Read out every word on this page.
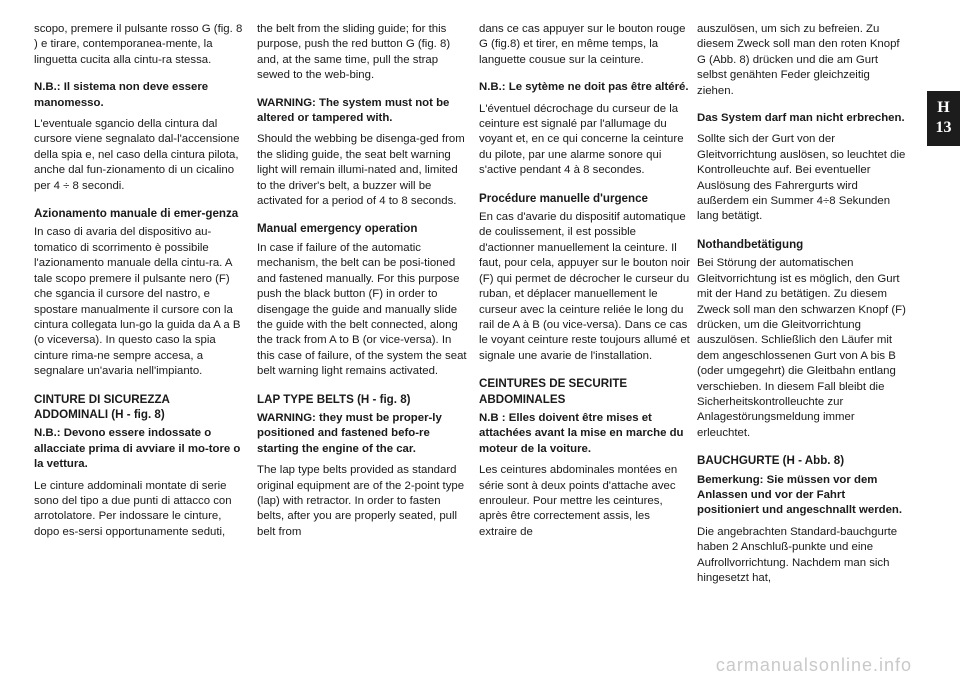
scopo, premere il pulsante rosso G (fig. 8 ) e tirare, contemporanea-mente, la linguetta cucita alla cintu-ra stessa.

N.B.: Il sistema non deve essere manomesso.

L'eventuale sgancio della cintura dal cursore viene segnalato dal-l'accensione della spia e, nel caso della cintura pilota, anche dal fun-zionamento di un cicalino per 4 ÷ 8 secondi.

Azionamento manuale di emer-genza

In caso di avaria del dispositivo au-tomatico di scorrimento è possibile l'azionamento manuale della cintu-ra. A tale scopo premere il pulsante nero (F) che sgancia il cursore del nastro, e spostare manualmente il cursore con la cintura collegata lun-go la guida da A a B (o viceversa). In questo caso la spia cinture rima-ne sempre accesa, a segnalare un'avaria nell'impianto.

CINTURE DI SICUREZZA ADDOMINALI (H - fig. 8)

N.B.: Devono essere indossate o allacciate prima di avviare il mo-tore o la vettura.

Le cinture addominali montate di serie sono del tipo a due punti di attacco con arrotolatore. Per indossare le cinture, dopo es-sersi opportunamente seduti,

the belt from the sliding guide; for this purpose, push the red button G (fig. 8) and, at the same time, pull the strap sewed to the web-bing.

WARNING: The system must not be altered or tampered with.

Should the webbing be disenga-ged from the sliding guide, the seat belt warning light will remain illumi-nated and, limited to the driver's belt, a buzzer will be activated for a period of 4 to 8 seconds.

Manual emergency operation

In case if failure of the automatic mechanism, the belt can be posi-tioned and fastened manually. For this purpose push the black button (F) in order to disengage the guide and manually slide the guide with the belt connected, along the track from A to B (or vice-versa). In this case of failure, of the system the seat belt warning light remains activated.

LAP TYPE BELTS (H - fig. 8)

WARNING: they must be proper-ly positioned and fastened befo-re starting the engine of the car.

The lap type belts provided as standard original equipment are of the 2-point type (lap) with retractor. In order to fasten belts, after you are properly seated, pull belt from

dans ce cas appuyer sur le bouton rouge G (fig.8) et tirer, en même temps, la languette cousue sur la ceinture.

N.B.: Le sytème ne doit pas être altéré.

L'éventuel décrochage du curseur de la ceinture est signalé par l'allumage du voyant et, en ce qui concerne la ceinture du pilote, par une alarme sonore qui s'active pendant 4 à 8 secondes.

Procédure manuelle d'urgence

En cas d'avarie du dispositif automatique de coulissement, il est possible d'actionner manuellement la ceinture. Il faut, pour cela, appuyer sur le bouton noir (F) qui permet de décrocher le curseur du ruban, et déplacer manuellement le curseur avec la ceinture reliée le long du rail de A à B (ou vice-versa). Dans ce cas le voyant ceinture reste toujours allumé et signale une avarie de l'installation.

CEINTURES DE SECURITE ABDOMINALES

N.B : Elles doivent être mises et attachées avant la mise en marche du moteur de la voiture.

Les ceintures abdominales montées en série sont à deux points d'attache avec enrouleur. Pour mettre les ceintures, après être correctement assis, les extraire de

auszulösen, um sich zu befreien. Zu diesem Zweck soll man den roten Knopf G (Abb. 8) drücken und die am Gurt selbst genähten Feder gleichzeitig ziehen.

Das System darf man nicht erbrechen.

Sollte sich der Gurt von der Gleitvorrichtung auslösen, so leuchtet die Kontrolleuchte auf. Bei eventueller Auslösung des Fahrergurts wird außerdem ein Summer 4÷8 Sekunden lang betätigt.

Nothandbetätigung

Bei Störung der automatischen Gleitvorrichtung ist es möglich, den Gurt mit der Hand zu betätigen. Zu diesem Zweck soll man den schwarzen Knopf (F) drücken, um die Gleitvorrichtung auszulösen. Schließlich den Läufer mit dem angeschlossenen Gurt von A bis B (oder umgegehrt) die Gleitbahn entlang verschieben. In diesem Fall bleibt die Sicherheitskontrolleuchte zur Anlagestörungsmeldung immer erleuchtet.

BAUCHGURTE (H - Abb. 8)

Bemerkung: Sie müssen vor dem Anlassen und vor der Fahrt positioniert und angeschnallt werden.

Die angebrachten Standard-bauchgurte haben 2 Anschluß-punkte und eine Aufrollvorrichtung. Nachdem man sich hingesetzt hat,

H
13
carmanualsonline.info
